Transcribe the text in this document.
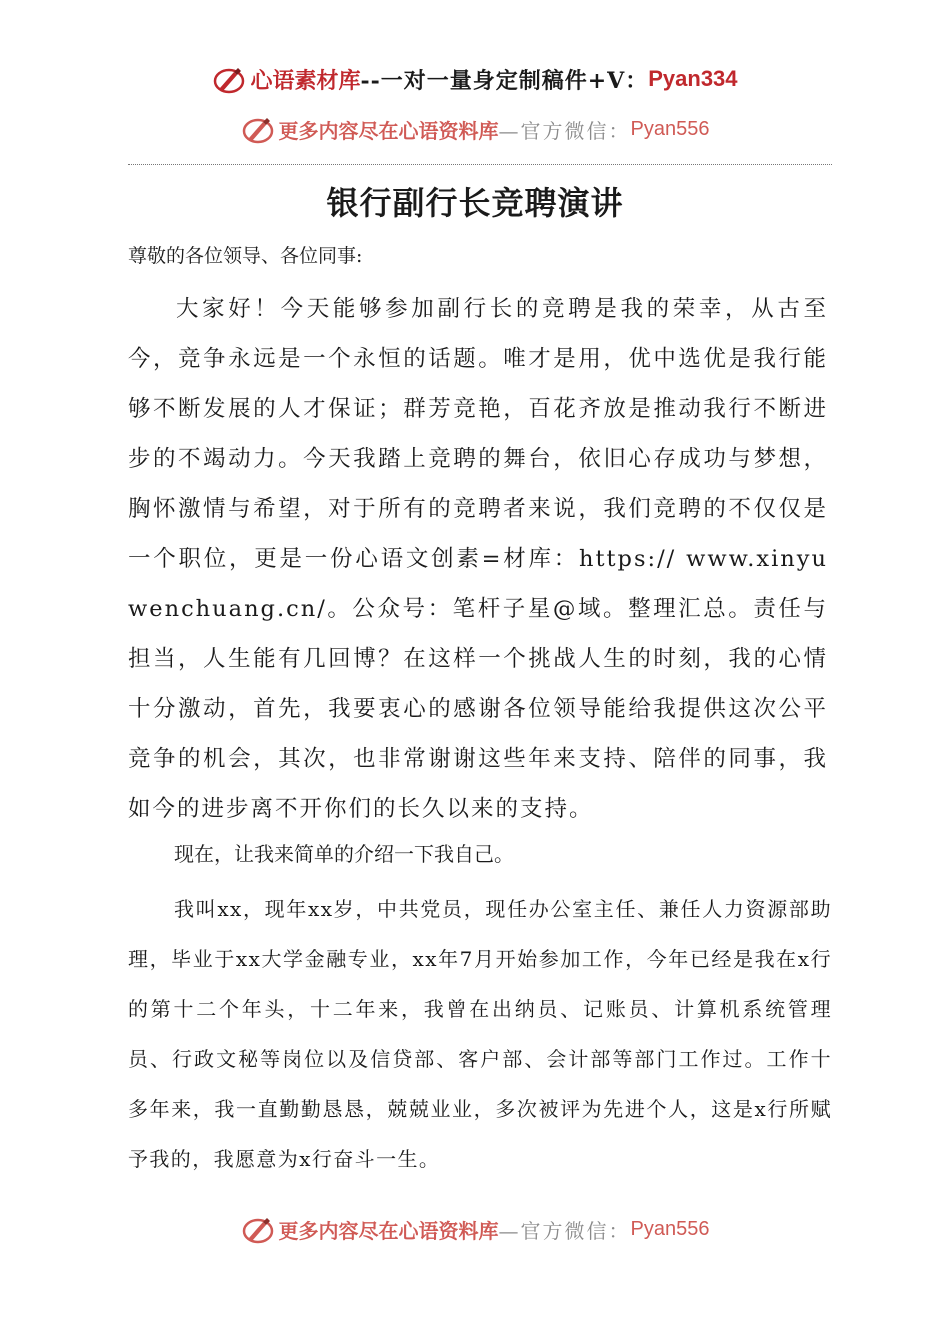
心语素材库 --一对一量身定制稿件+V： Pyan334
更多内容尽在心语资料库 —官方微信： Pyan556
银行副行长竞聘演讲
尊敬的各位领导、各位同事:
大家好！今天能够参加副行长的竞聘是我的荣幸，从古至今，竞争永远是一个永恒的话题。唯才是用，优中选优是我行能够不断发展的人才保证；群芳竞艳，百花齐放是推动我行不断进步的不竭动力。今天我踏上竞聘的舞台，依旧心存成功与梦想，胸怀激情与希望，对于所有的竞聘者来说，我们竞聘的不仅仅是一个职位，更是一份心语文创素=材库：https:// www.xinyuwenchuang.cn/。公众号：笔杆子星@域。整理汇总。责任与担当，人生能有几回博？在这样一个挑战人生的时刻，我的心情十分激动，首先，我要衷心的感谢各位领导能给我提供这次公平竞争的机会，其次，也非常谢谢这些年来支持、陪伴的同事，我如今的进步离不开你们的长久以来的支持。
现在，让我来简单的介绍一下我自己。
我叫xx，现年xx岁，中共党员，现任办公室主任、兼任人力资源部助理，毕业于xx大学金融专业，xx年7月开始参加工作，今年已经是我在x行的第十二个年头，十二年来，我曾在出纳员、记账员、计算机系统管理员、行政文秘等岗位以及信贷部、客户部、会计部等部门工作过。工作十多年来，我一直勤勤恳恳，兢兢业业，多次被评为先进个人，这是x行所赋予我的，我愿意为x行奋斗一生。
更多内容尽在心语资料库 —官方微信： Pyan556
